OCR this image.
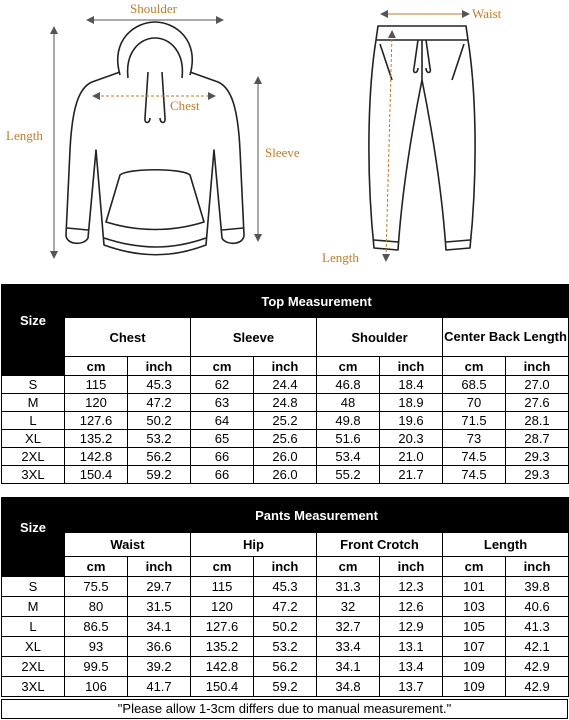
Shoulder
Chest
Length
Sleeve
Waist
Length
Size	Top Measurement							
	Chest		Sleeve		Shoulder		Center Back Length	
	cm	inch	cm	inch	cm	inch	cm	inch
S	115	45.3	62	24.4	46.8	18.4	68.5	27.0
M	120	47.2	63	24.8	48	18.9	70	27.6
L	127.6	50.2	64	25.2	49.8	19.6	71.5	28.1
XL	135.2	53.2	65	25.6	51.6	20.3	73	28.7
2XL	142.8	56.2	66	26.0	53.4	21.0	74.5	29.3
3XL	150.4	59.2	66	26.0	55.2	21.7	74.5	29.3
Size	Pants Measurement							
	Waist		Hip		Front Crotch		Length	
	cm	inch	cm	inch	cm	inch	cm	inch
S	75.5	29.7	115	45.3	31.3	12.3	101	39.8
M	80	31.5	120	47.2	32	12.6	103	40.6
L	86.5	34.1	127.6	50.2	32.7	12.9	105	41.3
XL	93	36.6	135.2	53.2	33.4	13.1	107	42.1
2XL	99.5	39.2	142.8	56.2	34.1	13.4	109	42.9
3XL	106	41.7	150.4	59.2	34.8	13.7	109	42.9
"Please allow 1-3cm differs due to manual measurement."
